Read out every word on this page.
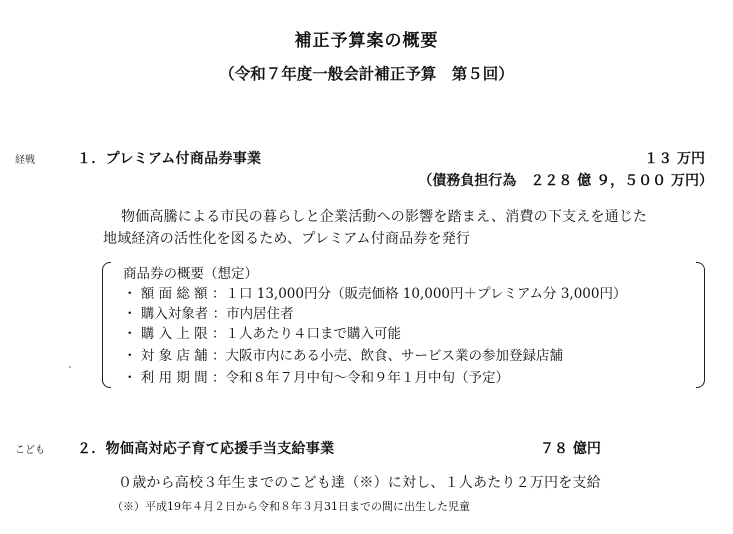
補正予算案の概要
（令和７年度一般会計補正予算　第５回）
経戦	１．プレミアム付商品券事業	１３ 万円
（債務負担行為　２２８ 億 ９，５００ 万円）
物価高騰による市民の暮らしと企業活動への影響を踏まえ、消費の下支えを通じた
地域経済の活性化を図るため、プレミアム付商品券を発行
商品券の概要（想定）
・ 額 面 総 額 ：１口 13,000円分（販売価格 10,000円＋プレミアム分 3,000円）
・ 購入対象者 ：市内居住者
・ 購 入 上 限 ：１人あたり４口まで購入可能
・ 対 象 店 舗 ：大阪市内にある小売、飲食、サービス業の参加登録店舗
・ 利 用 期 間 ：令和８年７月中旬～令和９年１月中旬（予定）
こども ２．物価高対応子育て応援手当支給事業	７８ 億円
０歳から高校３年生までのこども達（※）に対し、１人あたり２万円を支給
（※）平成19年４月２日から令和８年３月31日までの間に出生した児童
